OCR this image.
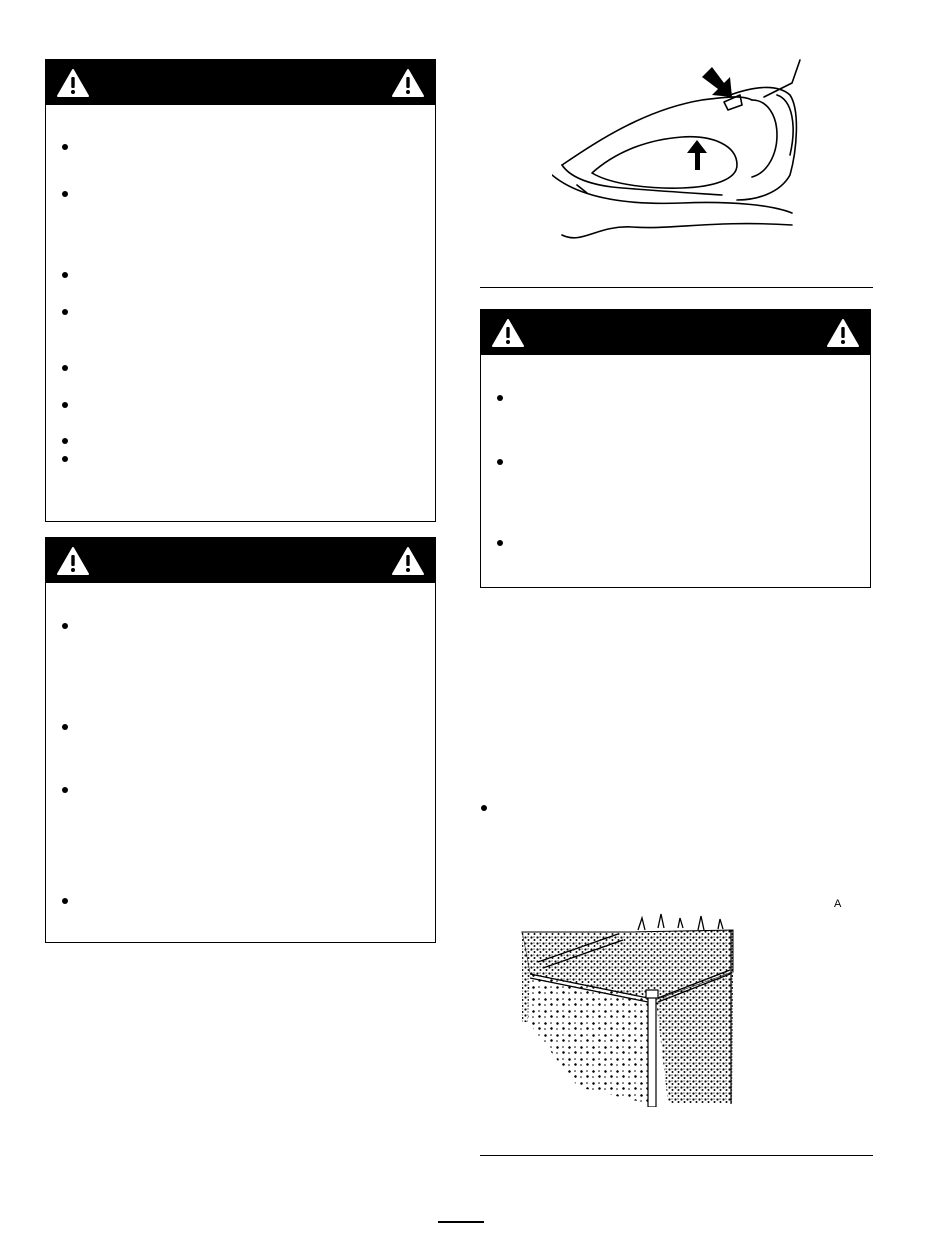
A
